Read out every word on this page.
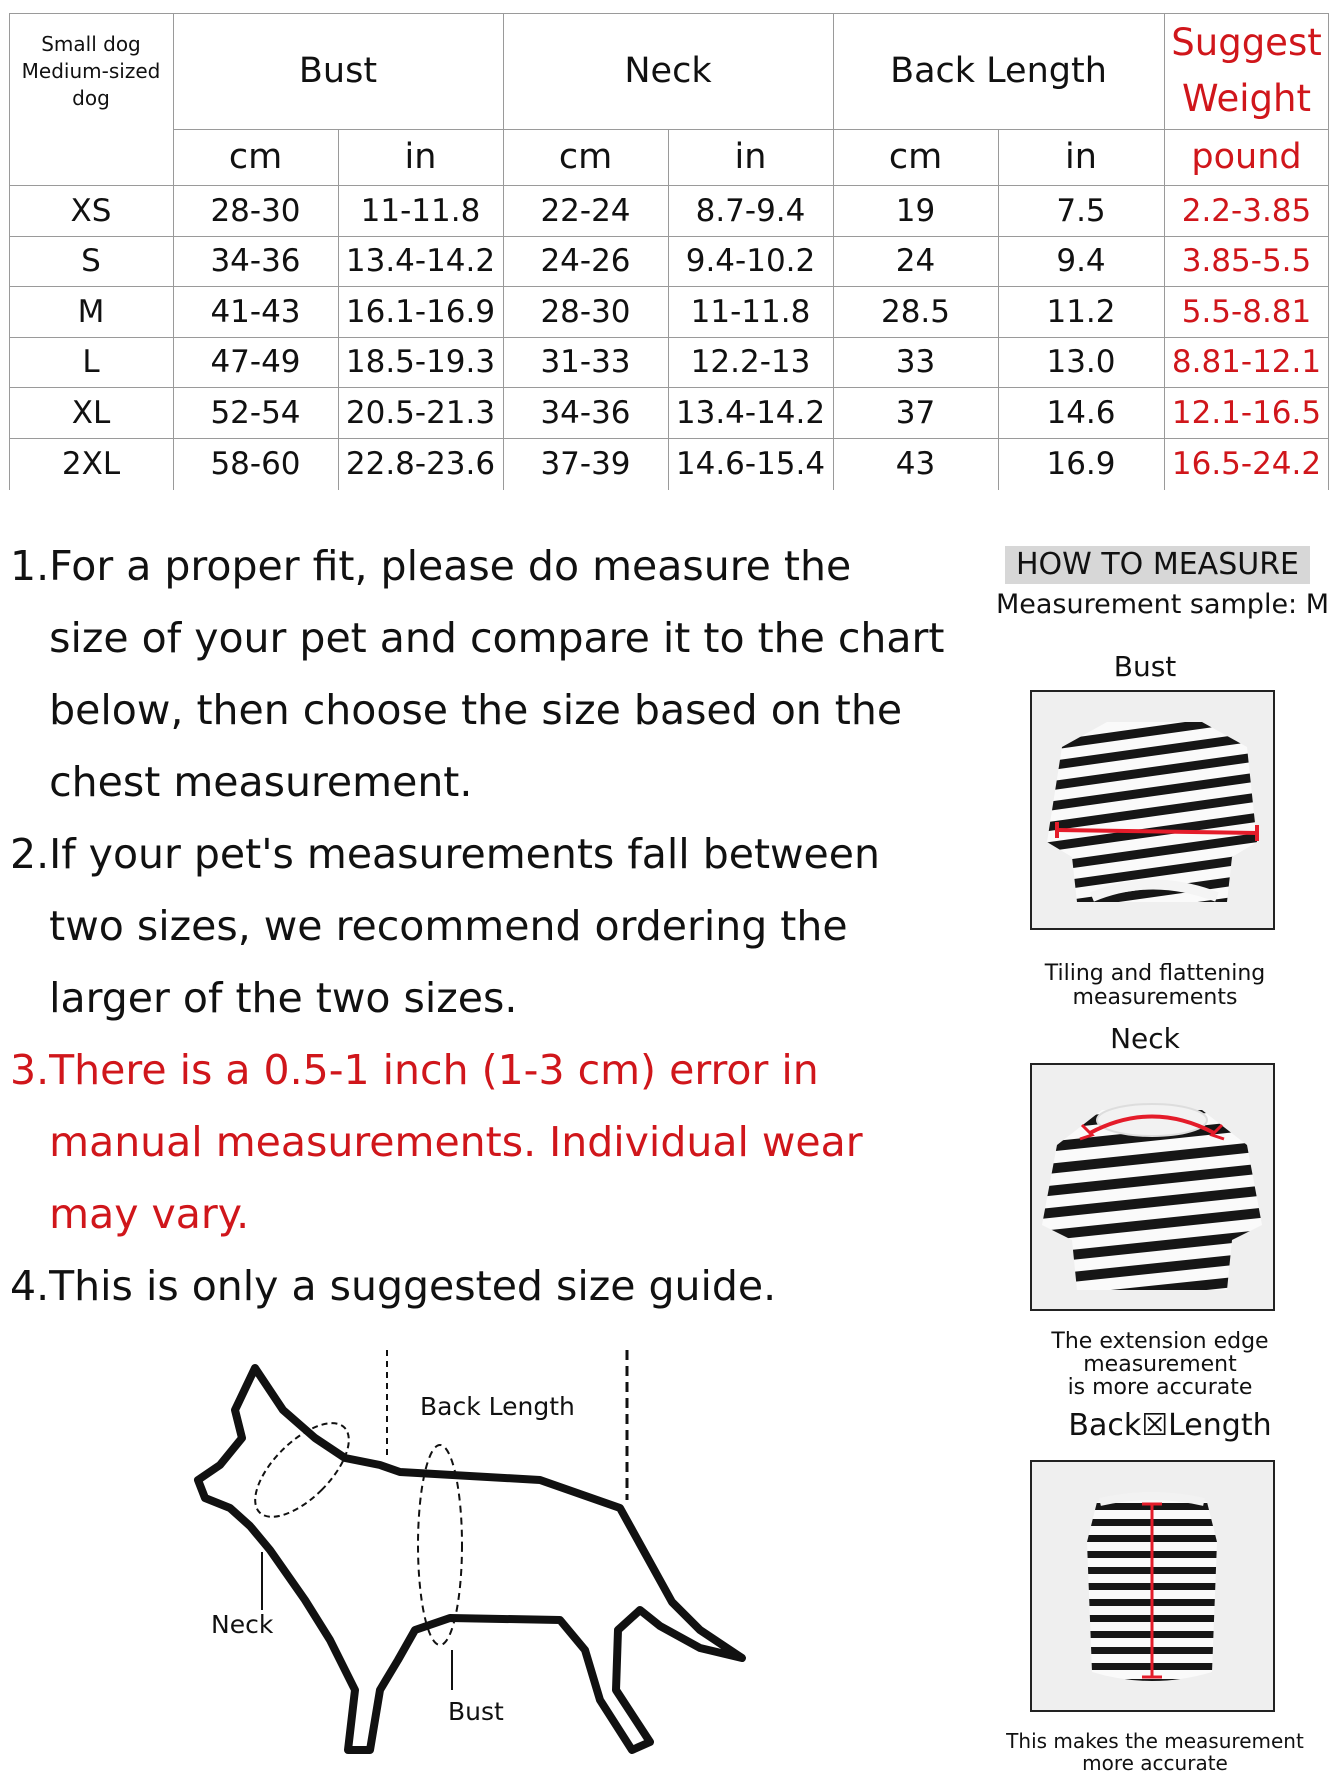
Small dog
Medium-sized
dog
Bust	Neck	Back Length
Suggest
Weight
cm	in	cm	in	cm	in	pound
XS	28-30	11-11.8	22-24	8.7-9.4	19	7.5	2.2-3.85
S	34-36	13.4-14.2	24-26	9.4-10.2	24	9.4	3.85-5.5
M	41-43	16.1-16.9	28-30	11-11.8	28.5	11.2	5.5-8.81
L	47-49	18.5-19.3	31-33	12.2-13	33	13.0	8.81-12.1
XL	52-54	20.5-21.3	34-36	13.4-14.2	37	14.6	12.1-16.5
2XL	58-60	22.8-23.6	37-39	14.6-15.4	43	16.9	16.5-24.2
1. For a proper fit, please do measure the
size of your pet and compare it to the chart
below, then choose the size based on the
chest measurement.
2. If your pet's measurements fall between
two sizes, we recommend ordering the
larger of the two sizes.
3. There is a 0.5-1 inch (1-3 cm) error in
manual measurements. Individual wear
may vary.
4. This is only a suggested size guide.
HOW TO MEASURE
Measurement sample: M
Bust
Tiling and flattening
measurements
Neck
The extension edge
measurement
is more accurate
Back☒Length
This makes the measurement
more accurate
Back Length
Neck
Bust
